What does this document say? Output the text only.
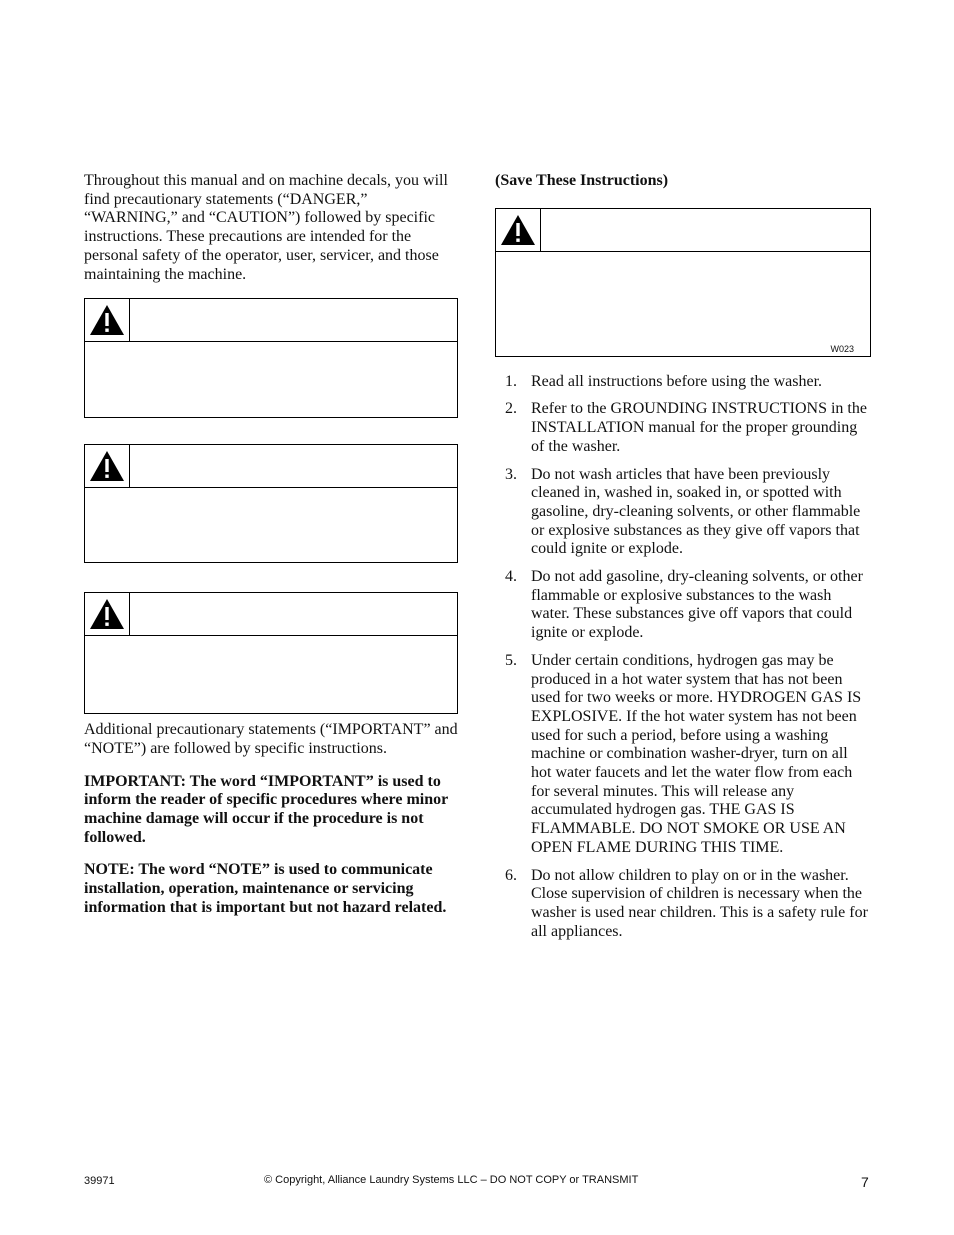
Throughout this manual and on machine decals, you will find precautionary statements (“DANGER,” “WARNING,” and “CAUTION”) followed by specific instructions. These precautions are intended for the personal safety of the operator, user, servicer, and those maintaining the machine.

Additional precautionary statements (“IMPORTANT” and “NOTE”) are followed by specific instructions.

IMPORTANT: The word “IMPORTANT” is used to inform the reader of specific procedures where minor machine damage will occur if the procedure is not followed.

NOTE: The word “NOTE” is used to communicate installation, operation, maintenance or servicing information that is important but not hazard related.

(Save These Instructions)

W023
1. Read all instructions before using the washer.
2. Refer to the GROUNDING INSTRUCTIONS in the INSTALLATION manual for the proper grounding of the washer.
3. Do not wash articles that have been previously cleaned in, washed in, soaked in, or spotted with gasoline, dry-cleaning solvents, or other flammable or explosive substances as they give off vapors that could ignite or explode.
4. Do not add gasoline, dry-cleaning solvents, or other flammable or explosive substances to the wash water. These substances give off vapors that could ignite or explode.
5. Under certain conditions, hydrogen gas may be produced in a hot water system that has not been used for two weeks or more. HYDROGEN GAS IS EXPLOSIVE. If the hot water system has not been used for such a period, before using a washing machine or combination washer-dryer, turn on all hot water faucets and let the water flow from each for several minutes. This will release any accumulated hydrogen gas. THE GAS IS FLAMMABLE. DO NOT SMOKE OR USE AN OPEN FLAME DURING THIS TIME.
6. Do not allow children to play on or in the washer. Close supervision of children is necessary when the washer is used near children. This is a safety rule for all appliances.
39971	© Copyright, Alliance Laundry Systems LLC – DO NOT COPY or TRANSMIT	7
